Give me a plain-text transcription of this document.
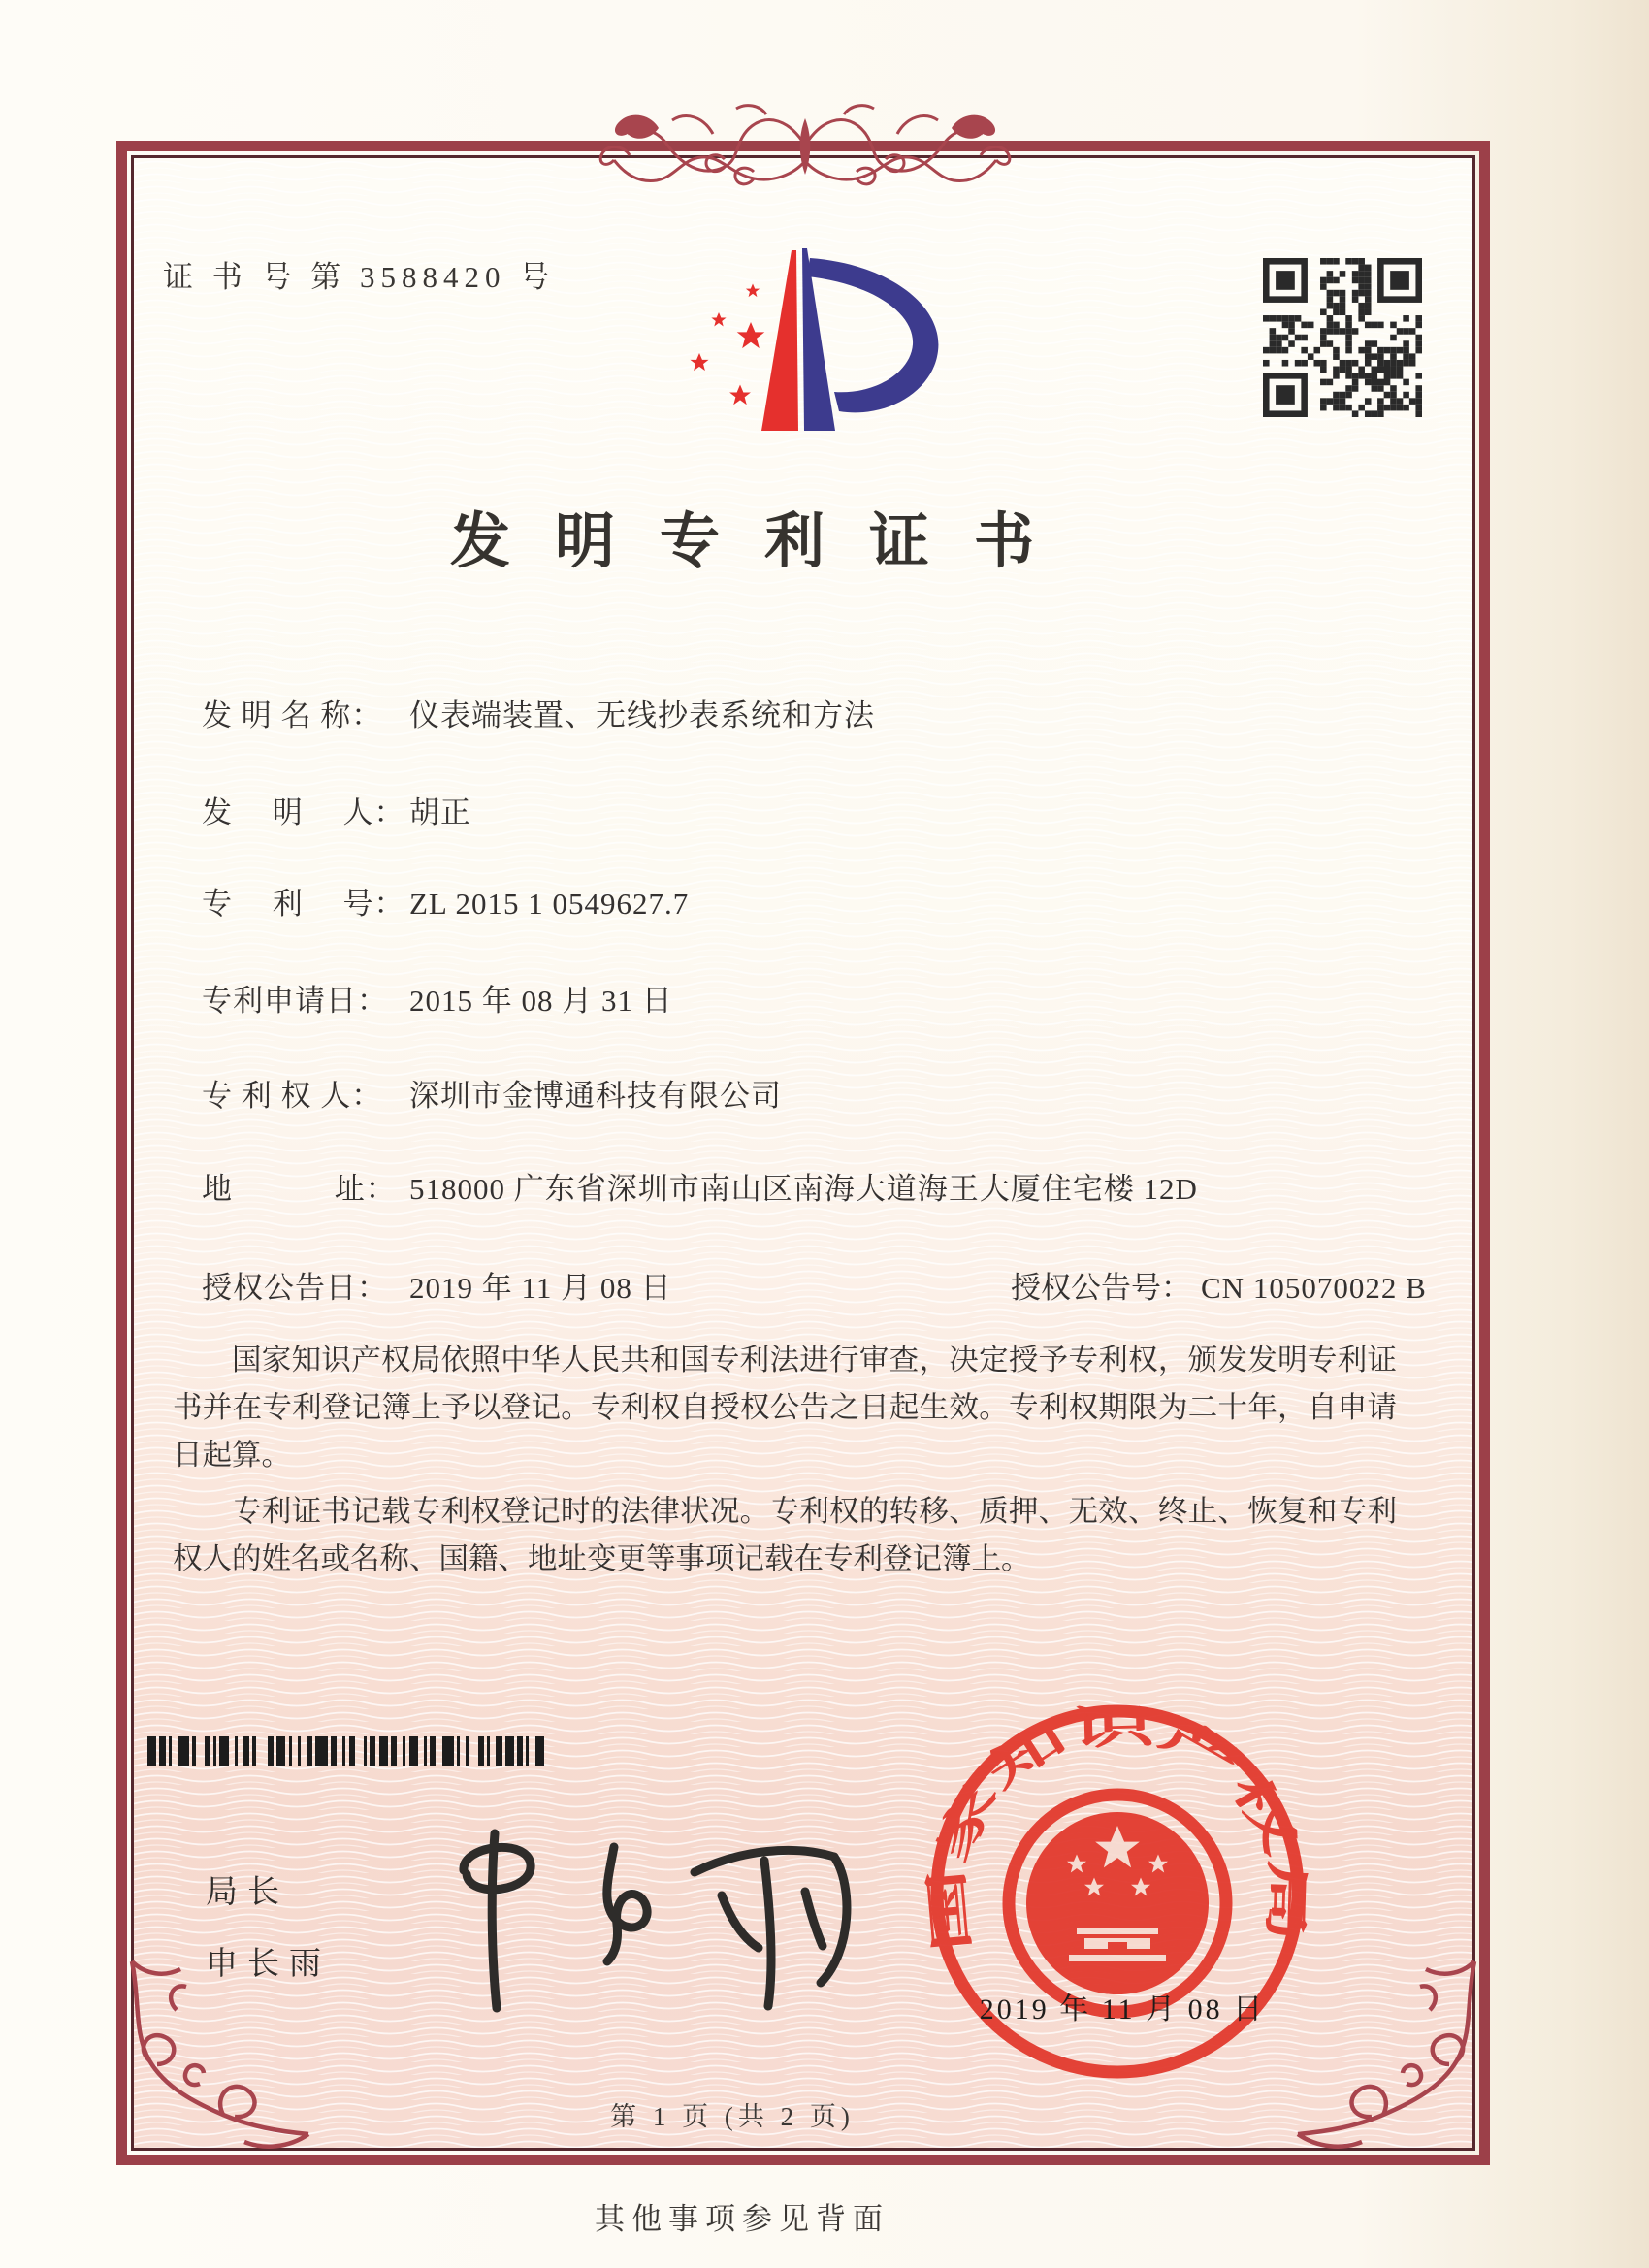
证 书 号 第 3588420 号
发明专利证书
发 明 名 称： 仪表端装置、无线抄表系统和方法
发　 明　 人： 胡正
专　 利　 号： ZL 2015 1 0549627.7
专利申请日： 2015 年 08 月 31 日
专 利 权 人： 深圳市金博通科技有限公司
地　　　 址： 518000 广东省深圳市南山区南海大道海王大厦住宅楼 12D
授权公告日： 2019 年 11 月 08 日	授权公告号： CN 105070022 B

国家知识产权局依照中华人民共和国专利法进行审查，决定授予专利权，颁发发明专利证书并在专利登记簿上予以登记。专利权自授权公告之日起生效。专利权期限为二十年，自申请日起算。

专利证书记载专利权登记时的法律状况。专利权的转移、质押、无效、终止、恢复和专利权人的姓名或名称、国籍、地址变更等事项记载在专利登记簿上。

局长
申长雨
国家知识产权局
2019 年 11 月 08 日
第 1 页 (共 2 页)
其他事项参见背面
